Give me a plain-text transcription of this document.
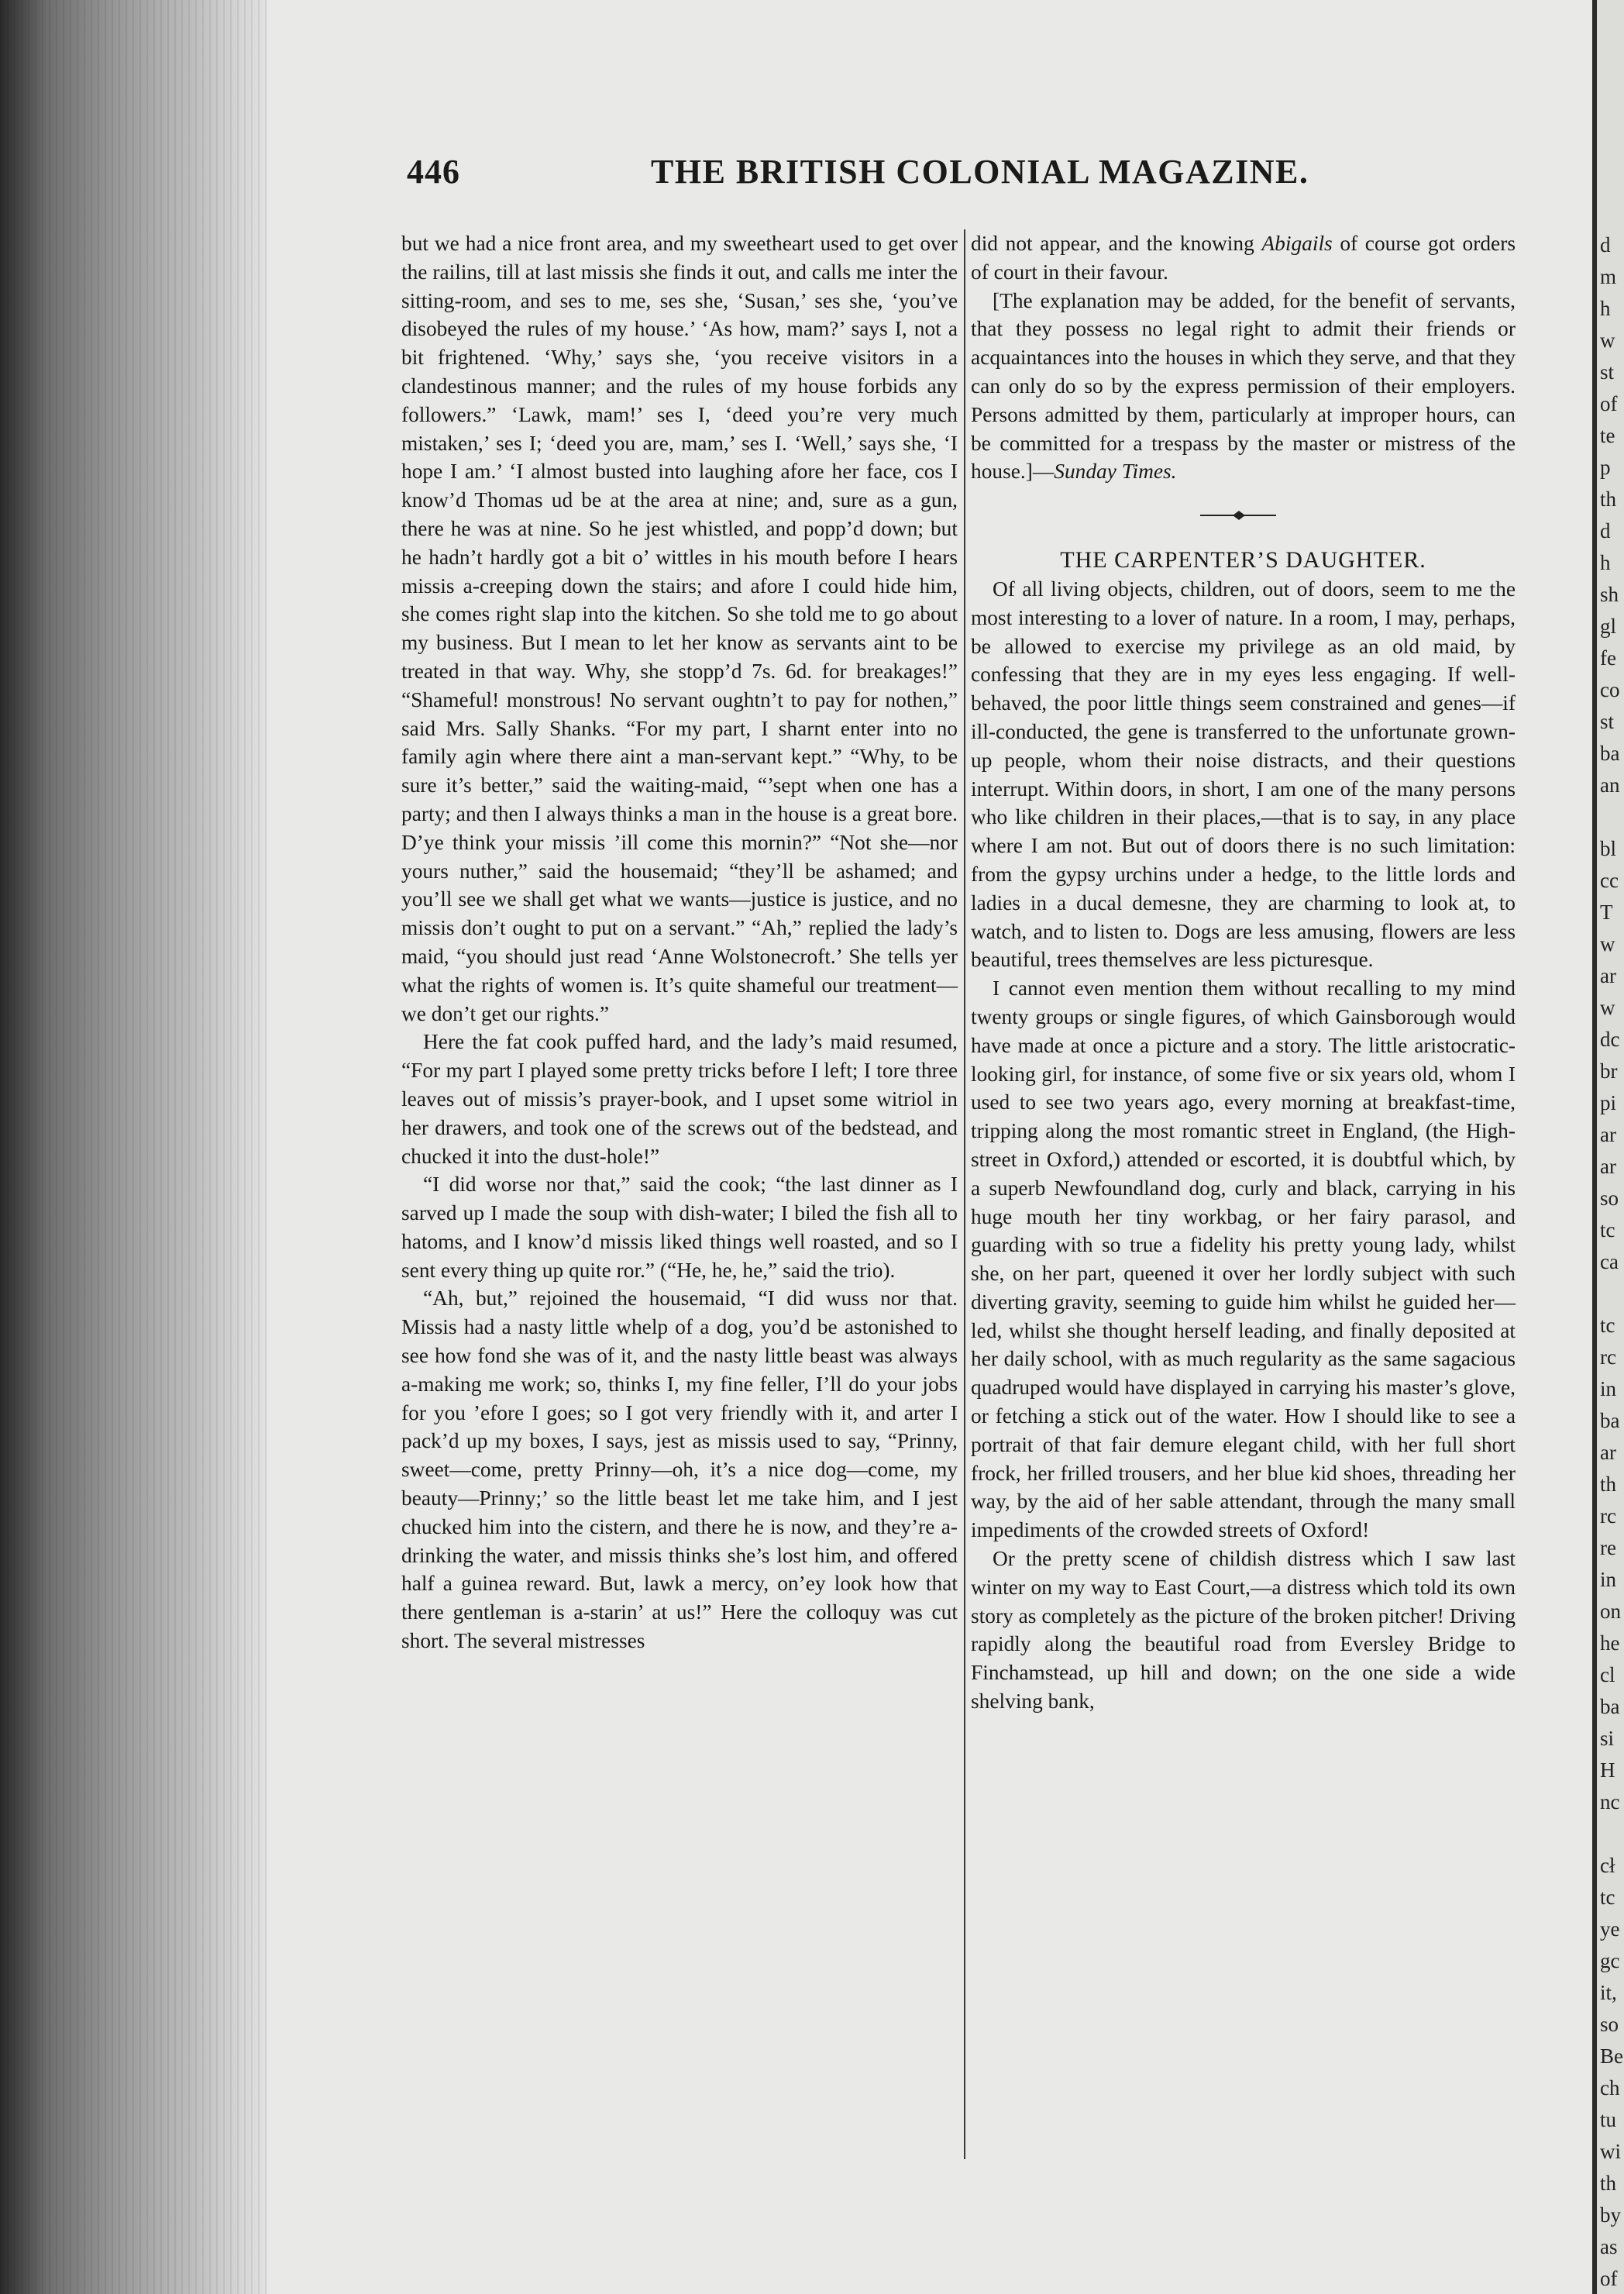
d
m
h
w
st
of
te
p
th
d
h
sh
gl
fe
co
st
ba
an
bl
cc
T
w
ar
w
dc
br
pi
ar
ar
so
tc
ca
tc
rc
in
ba
ar
th
rc
re
in
on
he
cl
ba
si
H
nc
cł
tc
ye
gc
it,
so
Be
ch
tu
wi
th
by
as
of
446	THE BRITISH COLONIAL MAGAZINE.

but we had a nice front area, and my sweetheart used to get over the railins, till at last missis she finds it out, and calls me inter the sitting-room, and ses to me, ses she, ‘Susan,’ ses she, ‘you’ve disobeyed the rules of my house.’ ‘As how, mam?’ says I, not a bit frightened. ‘Why,’ says she, ‘you receive visitors in a clandestinous manner; and the rules of my house forbids any followers.” ‘Lawk, mam!’ ses I, ‘deed you’re very much mistaken,’ ses I; ‘deed you are, mam,’ ses I. ‘Well,’ says she, ‘I hope I am.’ ‘I almost busted into laughing afore her face, cos I know’d Thomas ud be at the area at nine; and, sure as a gun, there he was at nine. So he jest whistled, and popp’d down; but he hadn’t hardly got a bit o’ wittles in his mouth before I hears missis a-creeping down the stairs; and afore I could hide him, she comes right slap into the kitchen. So she told me to go about my business. But I mean to let her know as servants aint to be treated in that way. Why, she stopp’d 7s. 6d. for breakages!” “Shameful! monstrous! No servant oughtn’t to pay for nothen,” said Mrs. Sally Shanks. “For my part, I sharnt enter into no family agin where there aint a man-servant kept.” “Why, to be sure it’s better,” said the waiting-maid, “’sept when one has a party; and then I always thinks a man in the house is a great bore. D’ye think your missis ’ill come this mornin?” “Not she—nor yours nuther,” said the housemaid; “they’ll be ashamed; and you’ll see we shall get what we wants—justice is justice, and no missis don’t ought to put on a servant.” “Ah,” replied the lady’s maid, “you should just read ‘Anne Wolstonecroft.’ She tells yer what the rights of women is. It’s quite shameful our treatment—we don’t get our rights.”

Here the fat cook puffed hard, and the lady’s maid resumed, “For my part I played some pretty tricks before I left; I tore three leaves out of missis’s prayer-book, and I upset some witriol in her drawers, and took one of the screws out of the bedstead, and chucked it into the dust-hole!”

“I did worse nor that,” said the cook; “the last dinner as I sarved up I made the soup with dish-water; I biled the fish all to hatoms, and I know’d missis liked things well roasted, and so I sent every thing up quite ror.” (“He, he, he,” said the trio).

“Ah, but,” rejoined the housemaid, “I did wuss nor that. Missis had a nasty little whelp of a dog, you’d be astonished to see how fond she was of it, and the nasty little beast was always a-making me work; so, thinks I, my fine feller, I’ll do your jobs for you ’efore I goes; so I got very friendly with it, and arter I pack’d up my boxes, I says, jest as missis used to say, “Prinny, sweet—come, pretty Prinny—oh, it’s a nice dog—come, my beauty—Prinny;’ so the little beast let me take him, and I jest chucked him into the cistern, and there he is now, and they’re a-drinking the water, and missis thinks she’s lost him, and offered half a guinea reward. But, lawk a mercy, on’ey look how that there gentleman is a-starin’ at us!” Here the colloquy was cut short. The several mistresses

did not appear, and the knowing Abigails of course got orders of court in their favour.

[The explanation may be added, for the benefit of servants, that they possess no legal right to admit their friends or acquaintances into the houses in which they serve, and that they can only do so by the express permission of their employers. Persons admitted by them, particularly at improper hours, can be committed for a trespass by the master or mistress of the house.]—Sunday Times.

THE CARPENTER’S DAUGHTER.

Of all living objects, children, out of doors, seem to me the most interesting to a lover of nature. In a room, I may, perhaps, be allowed to exercise my privilege as an old maid, by confessing that they are in my eyes less engaging. If well-behaved, the poor little things seem constrained and genes—if ill-conducted, the gene is transferred to the unfortunate grown-up people, whom their noise distracts, and their questions interrupt. Within doors, in short, I am one of the many persons who like children in their places,—that is to say, in any place where I am not. But out of doors there is no such limitation: from the gypsy urchins under a hedge, to the little lords and ladies in a ducal demesne, they are charming to look at, to watch, and to listen to. Dogs are less amusing, flowers are less beautiful, trees themselves are less picturesque.

I cannot even mention them without recalling to my mind twenty groups or single figures, of which Gainsborough would have made at once a picture and a story. The little aristocratic-looking girl, for instance, of some five or six years old, whom I used to see two years ago, every morning at breakfast-time, tripping along the most romantic street in England, (the High-street in Oxford,) attended or escorted, it is doubtful which, by a superb Newfoundland dog, curly and black, carrying in his huge mouth her tiny workbag, or her fairy parasol, and guarding with so true a fidelity his pretty young lady, whilst she, on her part, queened it over her lordly subject with such diverting gravity, seeming to guide him whilst he guided her—led, whilst she thought herself leading, and finally deposited at her daily school, with as much regularity as the same sagacious quadruped would have displayed in carrying his master’s glove, or fetching a stick out of the water. How I should like to see a portrait of that fair demure elegant child, with her full short frock, her frilled trousers, and her blue kid shoes, threading her way, by the aid of her sable attendant, through the many small impediments of the crowded streets of Oxford!

Or the pretty scene of childish distress which I saw last winter on my way to East Court,—a distress which told its own story as completely as the picture of the broken pitcher! Driving rapidly along the beautiful road from Eversley Bridge to Finchamstead, up hill and down; on the one side a wide shelving bank,
